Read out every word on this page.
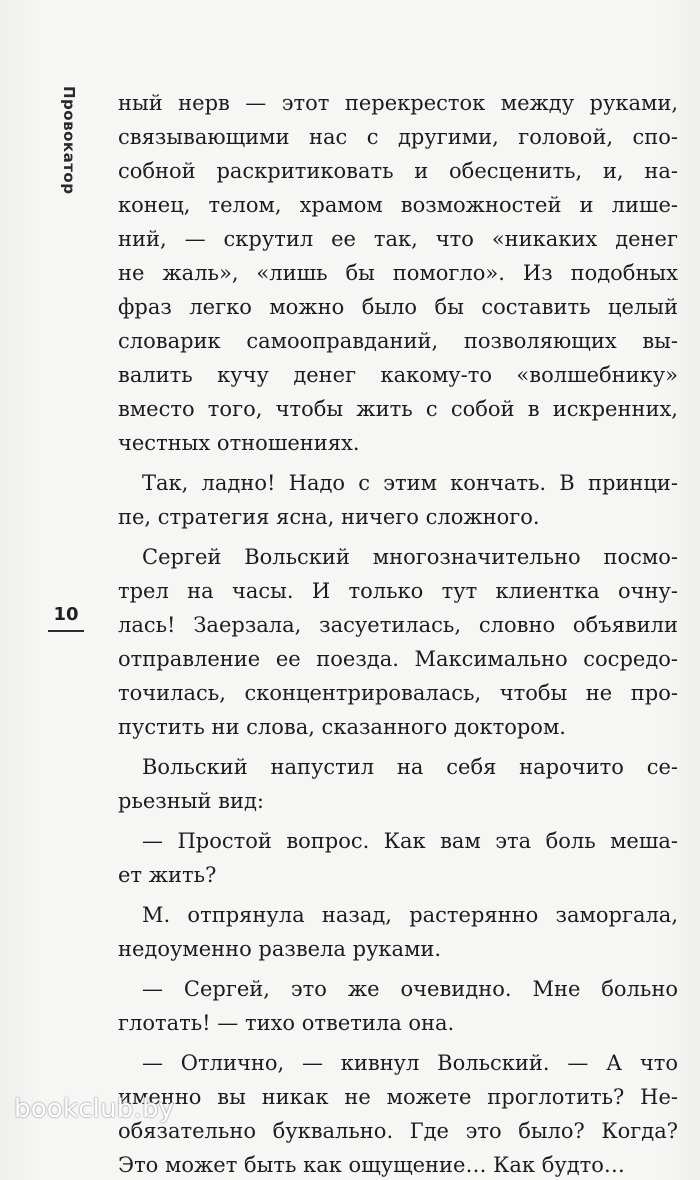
Провокатор
10
ный нерв — этот перекресток между руками,
связывающими нас с другими, головой, спо-
собной раскритиковать и обесценить, и, на-
конец, телом, храмом возможностей и лише-
ний, — скрутил ее так, что «никаких денег
не жаль», «лишь бы помогло». Из подобных
фраз легко можно было бы составить целый
словарик самооправданий, позволяющих вы-
валить кучу денег какому-то «волшебнику»
вместо того, чтобы жить с собой в искренних,
честных отношениях.
Так, ладно! Надо с этим кончать. В принци-
пе, стратегия ясна, ничего сложного.
Сергей Вольский многозначительно посмо-
трел на часы. И только тут клиентка очну-
лась! Заерзала, засуетилась, словно объявили
отправление ее поезда. Максимально сосредо-
точилась, сконцентрировалась, чтобы не про-
пустить ни слова, сказанного доктором.
Вольский напустил на себя нарочито се-
рьезный вид:
— Простой вопрос. Как вам эта боль меша-
ет жить?
М. отпрянула назад, растерянно заморгала,
недоуменно развела руками.
— Сергей, это же очевидно. Мне больно
глотать! — тихо ответила она.
— Отлично, — кивнул Вольский. — А что
именно вы никак не можете проглотить? Не-
обязательно буквально. Где это было? Когда?
Это может быть как ощущение… Как будто…
bookclub.by
